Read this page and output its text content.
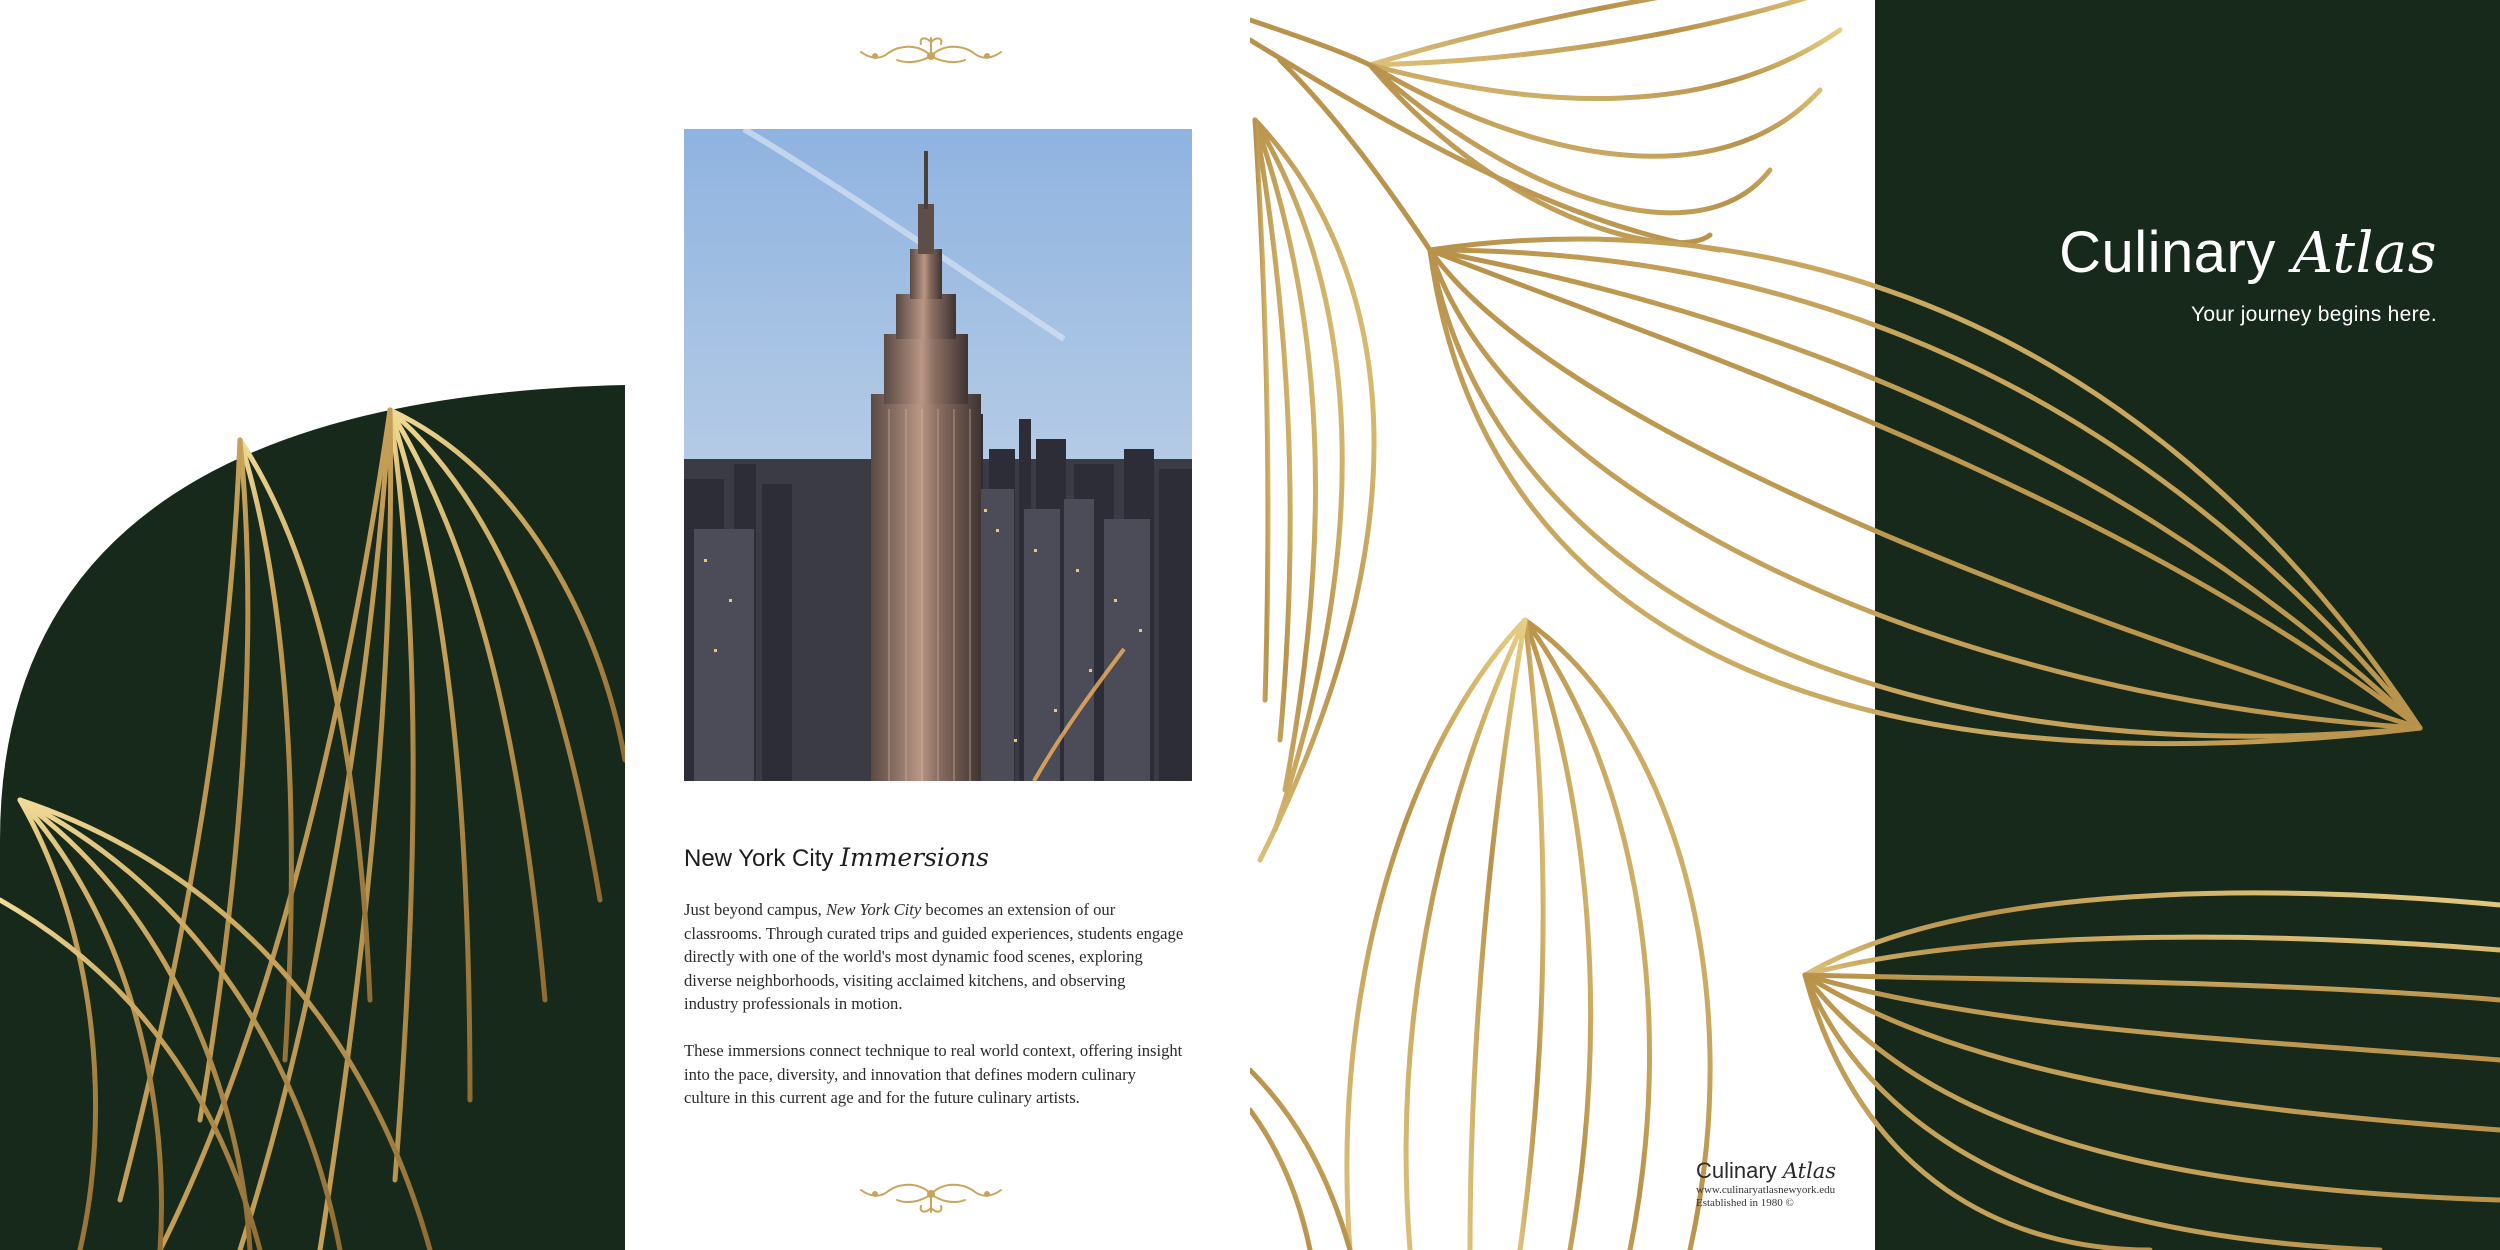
New York City Immersions

Just beyond campus, New York City becomes an extension of our classrooms. Through curated trips and guided experiences, students engage directly with one of the world's most dynamic food scenes, exploring diverse neighborhoods, visiting acclaimed kitchens, and observing industry professionals in motion.

These immersions connect technique to real world context, offering insight into the pace, diversity, and innovation that defines modern culinary culture in this current age and for the future culinary artists.

Culinary Atlas
www.culinaryatlasnewyork.edu
Established in 1980 ©
Culinary Atlas
Your journey begins here.
